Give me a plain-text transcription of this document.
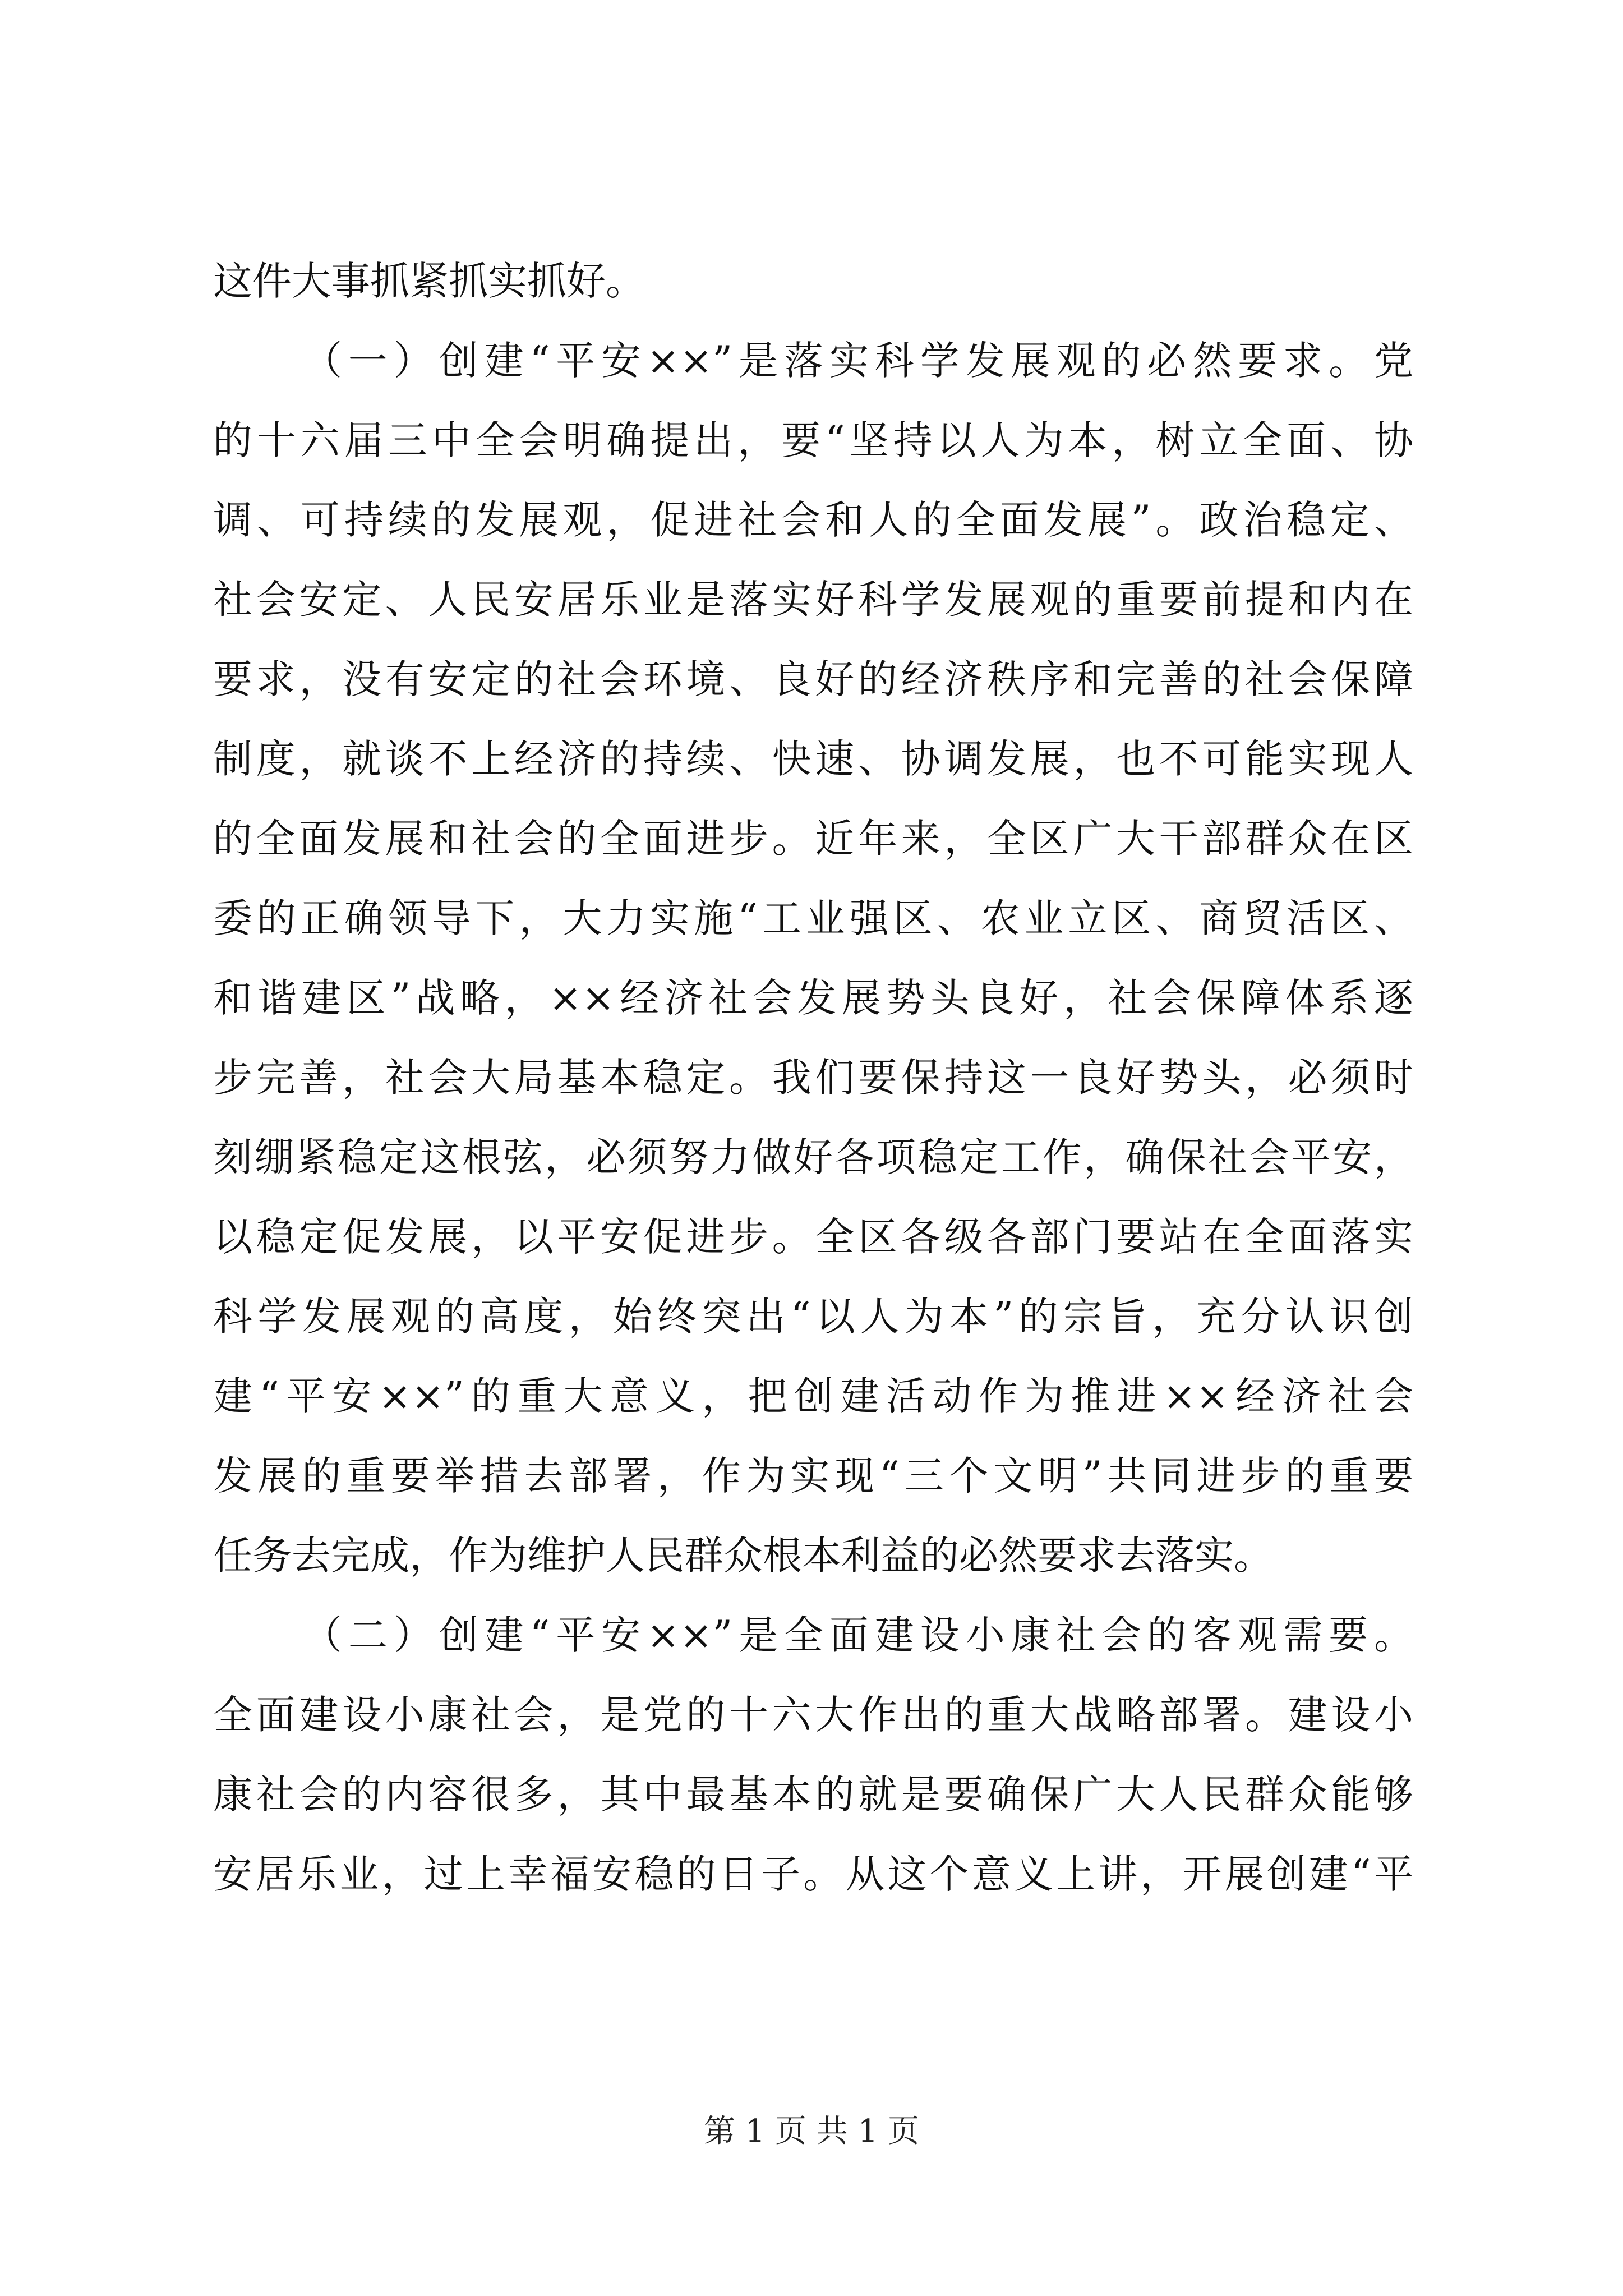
这件大事抓紧抓实抓好。
（一）创建“平安××”是落实科学发展观的必然要求。党
的十六届三中全会明确提出，要“坚持以人为本，树立全面、协
调、可持续的发展观，促进社会和人的全面发展”。政治稳定、
社会安定、人民安居乐业是落实好科学发展观的重要前提和内在
要求，没有安定的社会环境、良好的经济秩序和完善的社会保障
制度，就谈不上经济的持续、快速、协调发展，也不可能实现人
的全面发展和社会的全面进步。近年来，全区广大干部群众在区
委的正确领导下，大力实施“工业强区、农业立区、商贸活区、
和谐建区”战略，××经济社会发展势头良好，社会保障体系逐
步完善，社会大局基本稳定。我们要保持这一良好势头，必须时
刻绷紧稳定这根弦，必须努力做好各项稳定工作，确保社会平安，
以稳定促发展，以平安促进步。全区各级各部门要站在全面落实
科学发展观的高度，始终突出“以人为本”的宗旨，充分认识创
建“平安××”的重大意义，把创建活动作为推进××经济社会
发展的重要举措去部署，作为实现“三个文明”共同进步的重要
任务去完成，作为维护人民群众根本利益的必然要求去落实。
（二）创建“平安××”是全面建设小康社会的客观需要。
全面建设小康社会，是党的十六大作出的重大战略部署。建设小
康社会的内容很多，其中最基本的就是要确保广大人民群众能够
安居乐业，过上幸福安稳的日子。从这个意义上讲，开展创建“平
第 1 页 共 1 页
